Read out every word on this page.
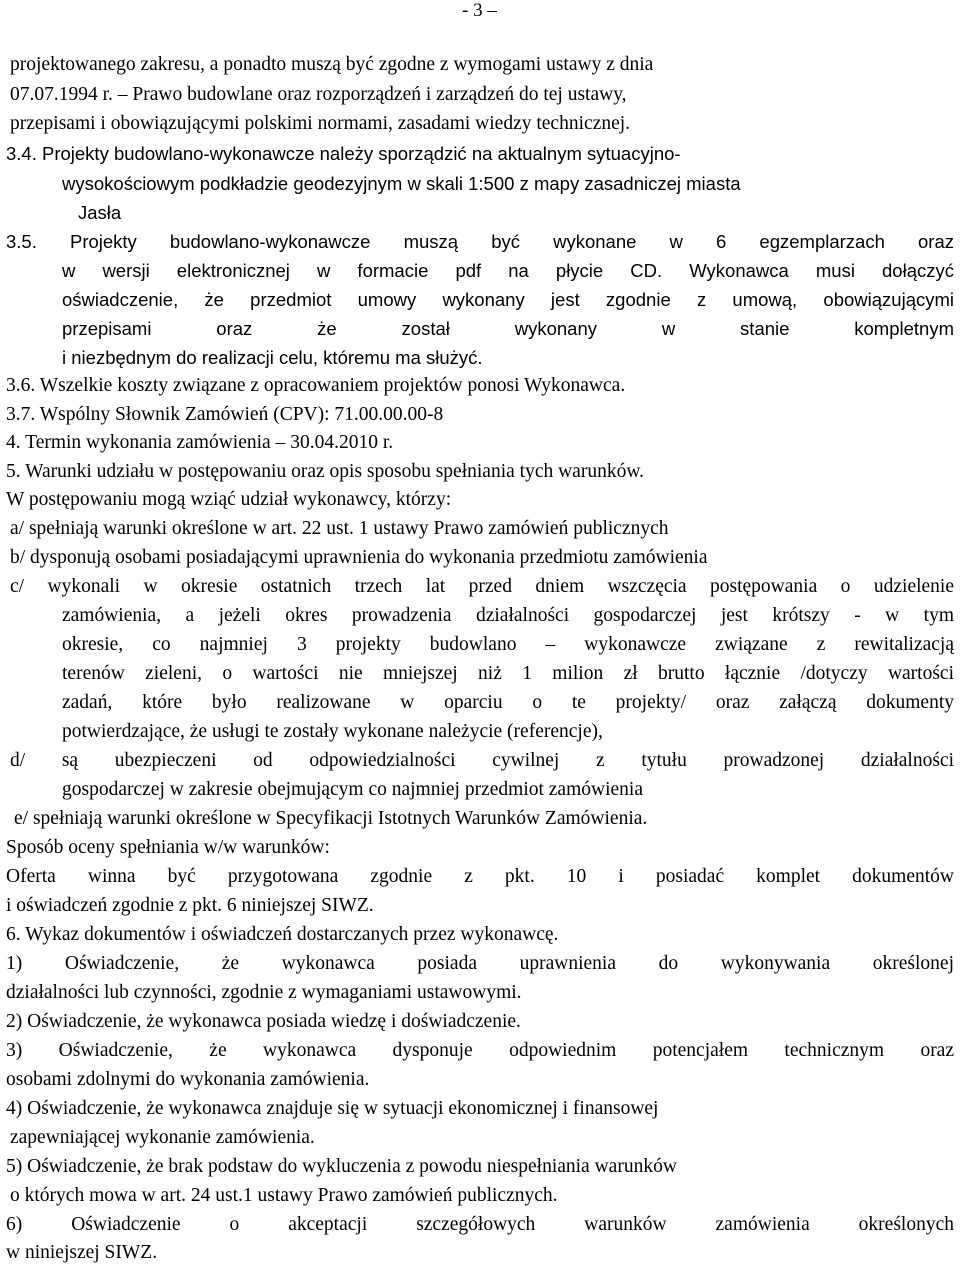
- 3 –
projektowanego zakresu, a ponadto muszą być zgodne z wymogami ustawy z dnia
07.07.1994 r. – Prawo budowlane oraz rozporządzeń i zarządzeń do tej ustawy,
przepisami i obowiązującymi polskimi normami, zasadami wiedzy technicznej.
3.4. Projekty budowlano-wykonawcze należy sporządzić na aktualnym sytuacyjno-
wysokościowym podkładzie geodezyjnym w skali 1:500 z mapy zasadniczej miasta
Jasła
3.5. Projekty budowlano-wykonawcze muszą być wykonane w 6 egzemplarzach oraz
w wersji elektronicznej w formacie pdf na płycie CD. Wykonawca musi dołączyć
oświadczenie, że przedmiot umowy wykonany jest zgodnie z umową, obowiązującymi
przepisami oraz że został wykonany w stanie kompletnym
i niezbędnym do realizacji celu, któremu ma służyć.
3.6. Wszelkie koszty związane z opracowaniem projektów ponosi Wykonawca.
3.7. Wspólny Słownik Zamówień (CPV): 71.00.00.00-8
4. Termin wykonania zamówienia – 30.04.2010 r.
5. Warunki udziału w postępowaniu oraz opis sposobu spełniania tych warunków.
W postępowaniu mogą wziąć udział wykonawcy, którzy:
a/ spełniają warunki określone w art. 22 ust. 1 ustawy Prawo zamówień publicznych
b/ dysponują osobami posiadającymi uprawnienia do wykonania przedmiotu zamówienia
c/ wykonali w okresie ostatnich trzech lat przed dniem wszczęcia postępowania o udzielenie
zamówienia, a jeżeli okres prowadzenia działalności gospodarczej jest krótszy - w tym
okresie, co najmniej 3 projekty budowlano – wykonawcze związane z rewitalizacją
terenów zieleni, o wartości nie mniejszej niż 1 milion zł brutto łącznie /dotyczy wartości
zadań, które było realizowane w oparciu o te projekty/ oraz załączą dokumenty
potwierdzające, że usługi te zostały wykonane należycie (referencje),
d/ są ubezpieczeni od odpowiedzialności cywilnej z tytułu prowadzonej działalności
gospodarczej w zakresie obejmującym co najmniej przedmiot zamówienia
e/ spełniają warunki określone w Specyfikacji Istotnych Warunków Zamówienia.
Sposób oceny spełniania w/w warunków:
Oferta winna być przygotowana zgodnie z pkt. 10 i posiadać komplet dokumentów
i oświadczeń zgodnie z pkt. 6 niniejszej SIWZ.
6. Wykaz dokumentów i oświadczeń dostarczanych przez wykonawcę.
1) Oświadczenie, że wykonawca posiada uprawnienia do wykonywania określonej
działalności lub czynności, zgodnie z wymaganiami ustawowymi.
2) Oświadczenie, że wykonawca posiada wiedzę i doświadczenie.
3) Oświadczenie, że wykonawca dysponuje odpowiednim potencjałem technicznym oraz
osobami zdolnymi do wykonania zamówienia.
4) Oświadczenie, że wykonawca znajduje się w sytuacji ekonomicznej i finansowej
zapewniającej wykonanie zamówienia.
5) Oświadczenie, że brak podstaw do wykluczenia z powodu niespełniania warunków
o których mowa w art. 24 ust.1 ustawy Prawo zamówień publicznych.
6) Oświadczenie o akceptacji szczegółowych warunków zamówienia określonych
w niniejszej SIWZ.
